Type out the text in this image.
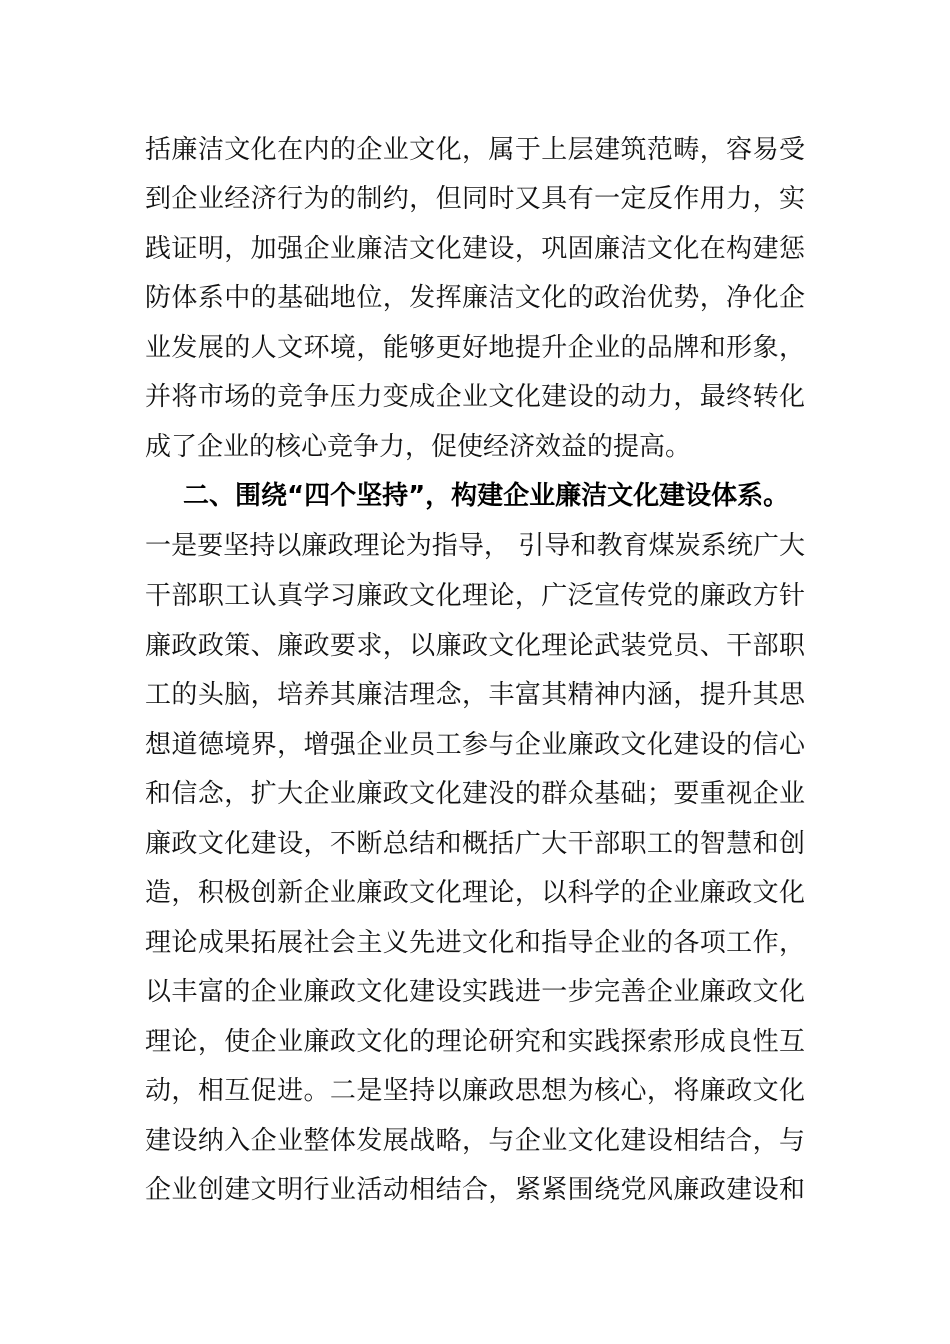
括廉洁文化在内的企业文化，属于上层建筑范畴，容易受
到企业经济行为的制约，但同时又具有一定反作用力，实
践证明，加强企业廉洁文化建设，巩固廉洁文化在构建惩
防体系中的基础地位，发挥廉洁文化的政治优势，净化企
业发展的人文环境，能够更好地提升企业的品牌和形象，
并将市场的竞争压力变成企业文化建设的动力，最终转化
成了企业的核心竞争力，促使经济效益的提高。
二、围绕“四个坚持”，构建企业廉洁文化建设体系。
一是要坚持以廉政理论为指导， 引导和教育煤炭系统广大
干部职工认真学习廉政文化理论，广泛宣传党的廉政方针
廉政政策、廉政要求，以廉政文化理论武装党员、干部职
工的头脑，培养其廉洁理念，丰富其精神内涵，提升其思
想道德境界，增强企业员工参与企业廉政文化建设的信心
和信念，扩大企业廉政文化建没的群众基础；要重视企业
廉政文化建设，不断总结和概括广大干部职工的智慧和创
造，积极创新企业廉政文化理论，以科学的企业廉政文化
理论成果拓展社会主义先进文化和指导企业的各项工作，
以丰富的企业廉政文化建设实践进一步完善企业廉政文化
理论，使企业廉政文化的理论研究和实践探索形成良性互
动，相互促进。二是坚持以廉政思想为核心，将廉政文化
建设纳入企业整体发展战略，与企业文化建设相结合，与
企业创建文明行业活动相结合，紧紧围绕党风廉政建设和
